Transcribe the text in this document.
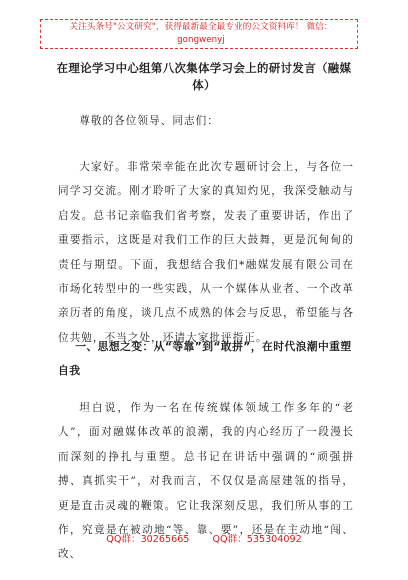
关注头条号"公文研究"，获得最新最全最专业的公文资料库！ 微信：gongwenyj
在理论学习中心组第八次集体学习会上的研讨发言（融媒体）

尊敬的各位领导、同志们：

大家好。非常荣幸能在此次专题研讨会上，与各位一同学习交流。刚才聆听了大家的真知灼见，我深受触动与启发。总书记亲临我们省考察，发表了重要讲话，作出了重要指示，这既是对我们工作的巨大鼓舞，更是沉甸甸的责任与期望。下面，我想结合我们*融媒发展有限公司在市场化转型中的一些实践，从一个媒体从业者、一个改革亲历者的角度，谈几点不成熟的体会与反思，希望能与各位共勉，不当之处，还请大家批评指正。

一、思想之变：从“等靠”到“敢拼”，在时代浪潮中重塑自我

坦白说，作为一名在传统媒体领域工作多年的“老人”，面对融媒体改革的浪潮，我的内心经历了一段漫长而深刻的挣扎与重塑。总书记在讲话中强调的“顽强拼搏、真抓实干”，对我而言，不仅仅是高屋建瓴的指导，更是直击灵魂的鞭策。它让我深刻反思，我们所从事的工作，究竟是在被动地“等、靠、要”，还是在主动地“闯、改、

QQ群：30265665 QQ群：535304092
